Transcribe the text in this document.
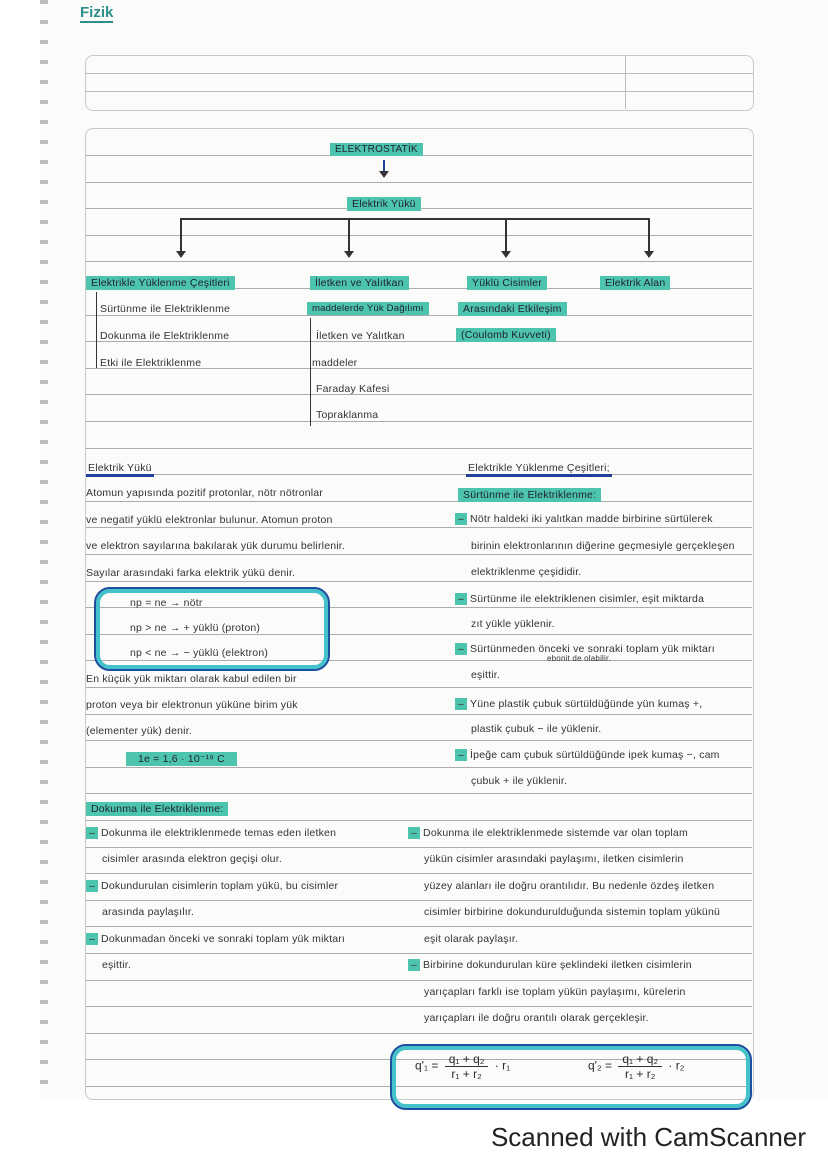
Fizik
ELEKTROSTATİK
Elektrik Yükü
Elektrikle Yüklenme Çeşitleri
Sürtünme ile Elektriklenme
Dokunma ile Elektriklenme
Etki ile Elektriklenme
İletken ve Yalıtkan
maddelerde Yük Dağılımı
İletken ve Yalıtkan
maddeler
Faraday Kafesi
Topraklanma
Yüklü Cisimler
Arasındaki Etkileşim
(Coulomb Kuvveti)
Elektrik Alan
Elektrik Yükü
Atomun yapısında pozitif protonlar, nötr nötronlar
ve negatif yüklü elektronlar bulunur. Atomun proton
ve elektron sayılarına bakılarak yük durumu belirlenir.
Sayılar arasındaki farka elektrik yükü denir.
np = ne → nötr
np > ne → + yüklü (proton)
np < ne → − yüklü (elektron)
En küçük yük miktarı olarak kabul edilen bir
proton veya bir elektronun yüküne birim yük
(elementer yük) denir.
1e = 1,6 · 10⁻¹⁹ C
Elektrikle Yüklenme Çeşitleri;
Sürtünme ile Elektriklenme:
– Nötr haldeki iki yalıtkan madde birbirine sürtülerek
birinin elektronlarının diğerine geçmesiyle gerçekleşen
elektriklenme çeşididir.
– Sürtünme ile elektriklenen cisimler, eşit miktarda
zıt yükle yüklenir.
– Sürtünmeden önceki ve sonraki toplam yük miktarı
eşittir.
– Yüne plastik çubuk sürtüldüğünde yün kumaş +,
plastik çubuk − ile yüklenir.
– İpeğe cam çubuk sürtüldüğünde ipek kumaş −, cam
çubuk + ile yüklenir.
ebonit de olabilir.
Dokunma ile Elektriklenme:
– Dokunma ile elektriklenmede temas eden iletken
cisimler arasında elektron geçişi olur.
– Dokundurulan cisimlerin toplam yükü, bu cisimler
arasında paylaşılır.
– Dokunmadan önceki ve sonraki toplam yük miktarı
eşittir.
– Dokunma ile elektriklenmede sistemde var olan toplam
yükün cisimler arasındaki paylaşımı, iletken cisimlerin
yüzey alanları ile doğru orantılıdır. Bu nedenle özdeş iletken
cisimler birbirine dokundurulduğunda sistemin toplam yükünü
eşit olarak paylaşır.
– Birbirine dokundurulan küre şeklindeki iletken cisimlerin
yarıçapları farklı ise toplam yükün paylaşımı, kürelerin
yarıçapları ile doğru orantılı olarak gerçekleşir.
$q'_1 = \frac{\text{q₁ + q₂}}{\text{r₁ + r₂}} \cdot r_1$	$q'_2 = \frac{\text{q₁ + q₂}}{\text{r₁ + r₂}} \cdot r_2$
Scanned with CamScanner
